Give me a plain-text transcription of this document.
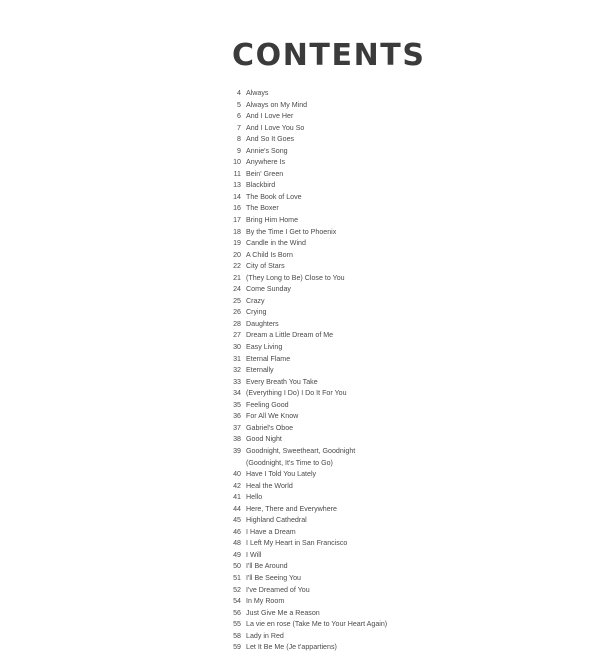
CONTENTS
4 Always
5 Always on My Mind
6 And I Love Her
7 And I Love You So
8 And So It Goes
9 Annie's Song
10 Anywhere Is
11 Bein' Green
13 Blackbird
14 The Book of Love
16 The Boxer
17 Bring Him Home
18 By the Time I Get to Phoenix
19 Candle in the Wind
20 A Child Is Born
22 City of Stars
21 (They Long to Be) Close to You
24 Come Sunday
25 Crazy
26 Crying
28 Daughters
27 Dream a Little Dream of Me
30 Easy Living
31 Eternal Flame
32 Eternally
33 Every Breath You Take
34 (Everything I Do) I Do It For You
35 Feeling Good
36 For All We Know
37 Gabriel's Oboe
38 Good Night
39 Goodnight, Sweetheart, Goodnight
(Goodnight, It's Time to Go)
40 Have I Told You Lately
42 Heal the World
41 Hello
44 Here, There and Everywhere
45 Highland Cathedral
46 I Have a Dream
48 I Left My Heart in San Francisco
49 I Will
50 I'll Be Around
51 I'll Be Seeing You
52 I've Dreamed of You
54 In My Room
56 Just Give Me a Reason
55 La vie en rose (Take Me to Your Heart Again)
58 Lady in Red
59 Let It Be Me (Je t'appartiens)
